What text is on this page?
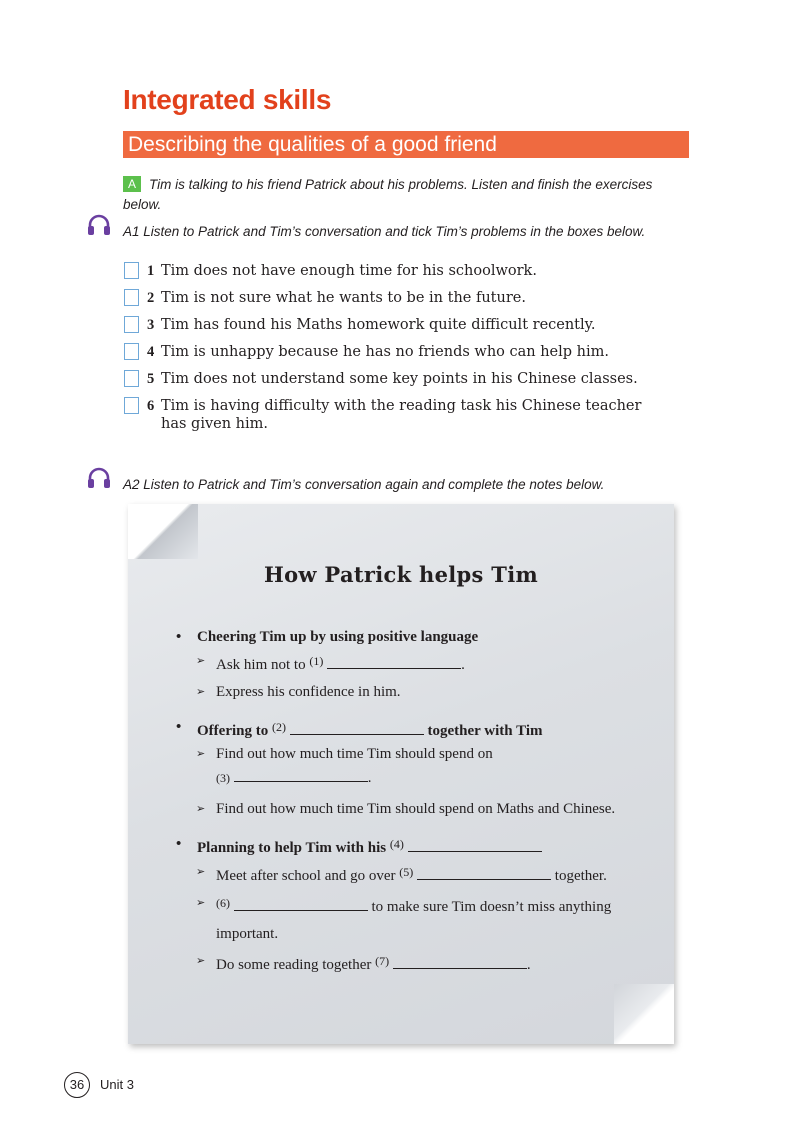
Integrated skills
Describing the qualities of a good friend
A Tim is talking to his friend Patrick about his problems. Listen and finish the exercises below.
A1 Listen to Patrick and Tim’s conversation and tick Tim’s problems in the boxes below.
1 Tim does not have enough time for his schoolwork.
2 Tim is not sure what he wants to be in the future.
3 Tim has found his Maths homework quite difficult recently.
4 Tim is unhappy because he has no friends who can help him.
5 Tim does not understand some key points in his Chinese classes.
6 Tim is having difficulty with the reading task his Chinese teacher has given him.
A2 Listen to Patrick and Tim’s conversation again and complete the notes below.
How Patrick helps Tim
• Cheering Tim up by using positive language
➢ Ask him not to $^{(1)}$	.
➢ Express his confidence in him.
• Offering to $^{(2)}$	together with Tim
➢ Find out how much time Tim should spend on
(3)	.
➢ Find out how much time Tim should spend on Maths and Chinese.
• Planning to help Tim with his $^{(4)}$
➢ Meet after school and go over $^{(5)}$	together.
➢ $^{(6)}$	to make sure Tim doesn’t miss anything important.
➢ Do some reading together $^{(7)}$	.
36	Unit 3
